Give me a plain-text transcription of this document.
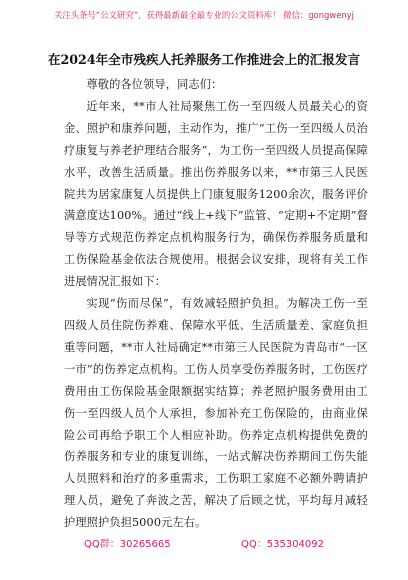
关注头条号“公文研究”，获得最新最全最专业的公文资料库！ 微信：gongwenyj
在2024年全市残疾人托养服务工作推进会上的汇报发言

尊敬的各位领导，同志们：

近年来，**市人社局聚焦工伤一至四级人员最关心的资金、照护和康养问题，主动作为，推广“工伤一至四级人员治疗康复与养老护理结合服务”，为工伤一至四级人员提高保障水平，改善生活质量。推出伤养服务以来，**市第三人民医院共为居家康复人员提供上门康复服务1200余次，服务评价满意度达100%。通过“线上+线下”监管、“定期+不定期”督导等方式规范伤养定点机构服务行为，确保伤养服务质量和工伤保险基金依法合规使用。根据会议安排，现将有关工作进展情况汇报如下：

实现“伤而尽保”，有效减轻照护负担。为解决工伤一至四级人员住院伤养难、保障水平低、生活质量差、家庭负担重等问题，**市人社局确定**市第三人民医院为青岛市“一区一市”的伤养定点机构。工伤人员享受伤养服务时，工伤医疗费用由工伤保险基金限额据实结算；养老照护服务费用由工伤一至四级人员个人承担，参加补充工伤保险的，由商业保险公司再给予职工个人相应补助。伤养定点机构提供免费的伤养服务和专业的康复训练，一站式解决伤养期间工伤失能人员照料和治疗的多重需求，工伤职工家庭不必额外聘请护理人员，避免了奔波之苦，解决了后顾之忧，平均每月减轻护理照护负担5000元左右。

QQ群：30265665	QQ：535304092
